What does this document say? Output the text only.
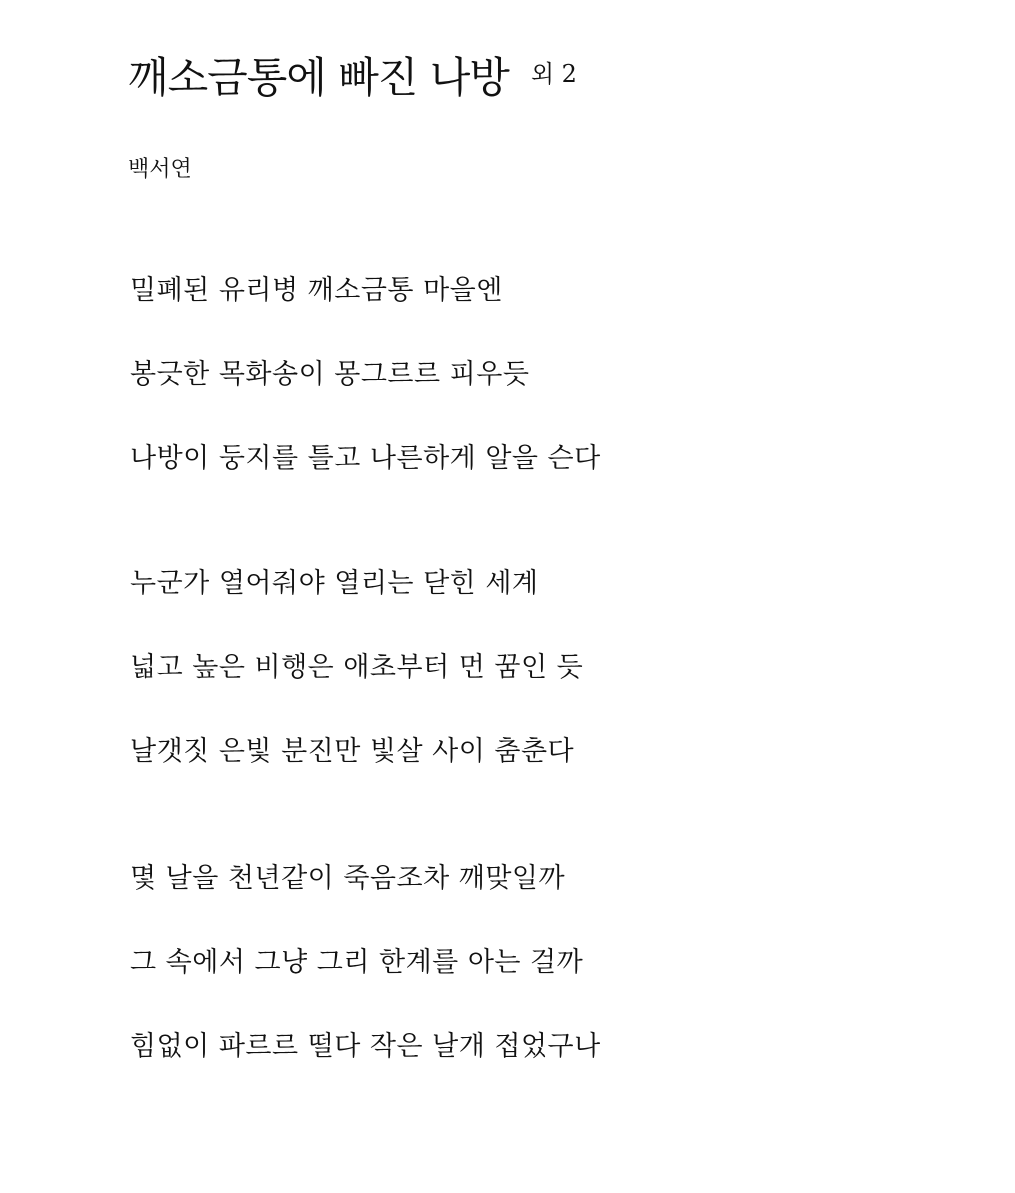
깨소금통에 빠진 나방 외 2
백서연
밀폐된 유리병 깨소금통 마을엔
봉긋한 목화송이 몽그르르 피우듯
나방이 둥지를 틀고 나른하게 알을 슨다
누군가 열어줘야 열리는 닫힌 세계
넓고 높은 비행은 애초부터 먼 꿈인 듯
날갯짓 은빛 분진만 빛살 사이 춤춘다
몇 날을 천년같이 죽음조차 깨맞일까
그 속에서 그냥 그리 한계를 아는 걸까
힘없이 파르르 떨다 작은 날개 접었구나
